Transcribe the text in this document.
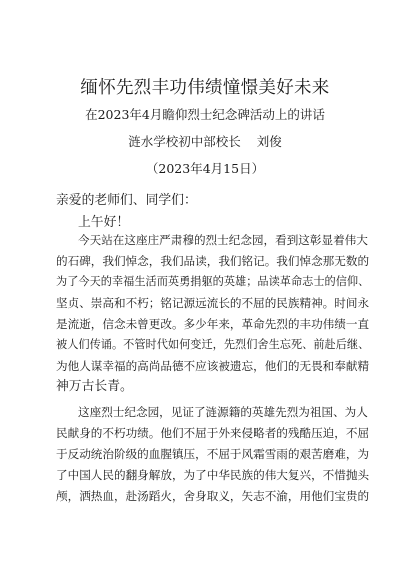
缅怀先烈丰功伟绩憧憬美好未来
在2023年4月瞻仰烈士纪念碑活动上的讲话
涟水学校初中部校长 刘俊
（2023年4月15日）
亲爱的老师们、同学们：
上午好！
今天站在这座庄严肃穆的烈士纪念园，看到这彰显着伟大
的石碑，我们悼念，我们品读，我们铭记。我们悼念那无数的
为了今天的幸福生活而英勇捐躯的英雄；品读革命志士的信仰、
坚贞、崇高和不朽；铭记源远流长的不屈的民族精神。时间永
是流逝，信念未曾更改。多少年来，革命先烈的丰功伟绩一直
被人们传诵。不管时代如何变迁，先烈们舍生忘死、前赴后继、
为他人谋幸福的高尚品德不应该被遗忘，他们的无畏和奉献精
神万古长青。
这座烈士纪念园，见证了涟源籍的英雄先烈为祖国、为人
民献身的不朽功绩。他们不屈于外来侵略者的残酷压迫，不屈
于反动统治阶级的血腥镇压，不屈于风霜雪雨的艰苦磨难，为
了中国人民的翻身解放，为了中华民族的伟大复兴，不惜抛头
颅，洒热血，赴汤蹈火，舍身取义，矢志不渝，用他们宝贵的
